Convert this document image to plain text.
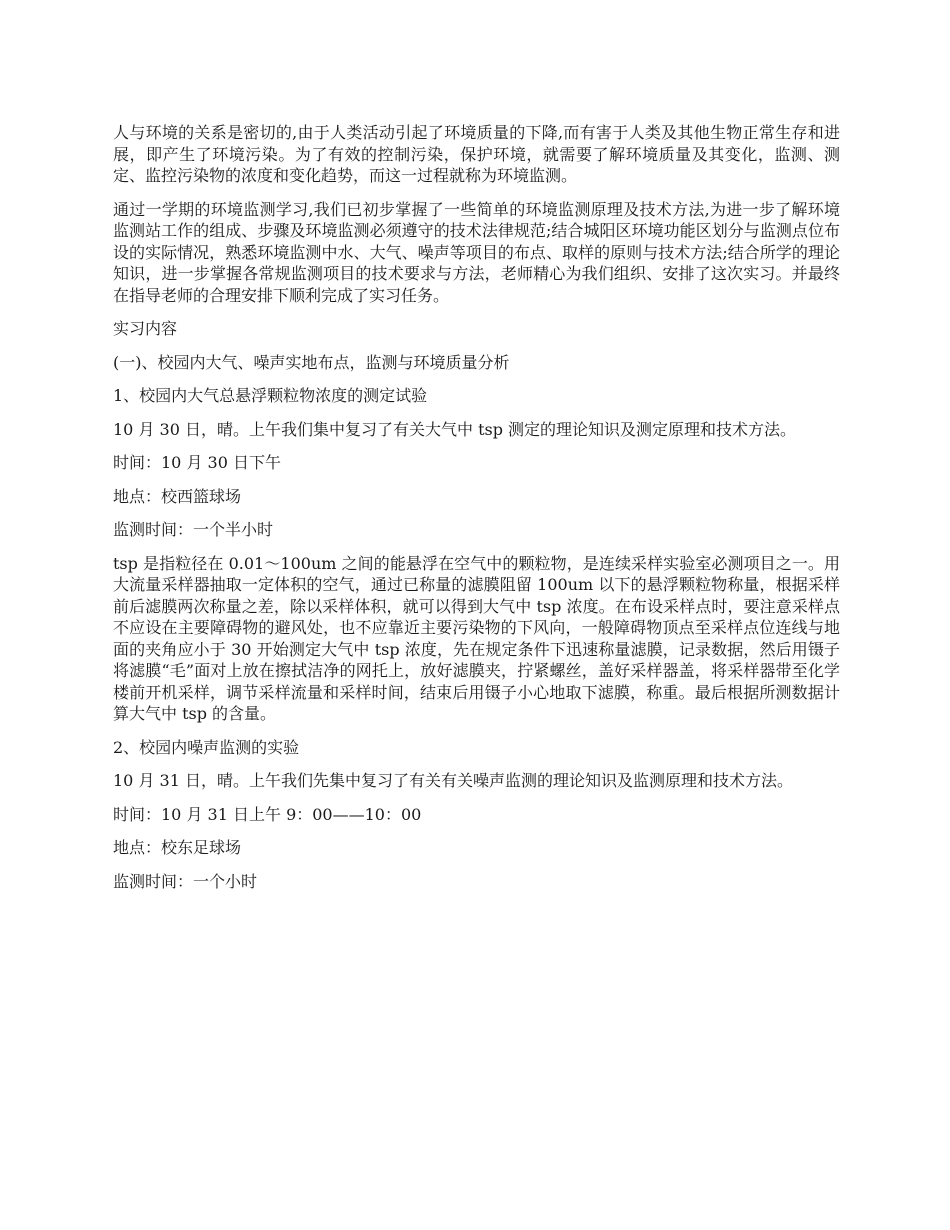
人与环境的关系是密切的,由于人类活动引起了环境质量的下降,而有害于人类及其他生物正常生存和进展，即产生了环境污染。为了有效的控制污染，保护环境，就需要了解环境质量及其变化，监测、测定、监控污染物的浓度和变化趋势，而这一过程就称为环境监测。

通过一学期的环境监测学习,我们已初步掌握了一些简单的环境监测原理及技术方法,为进一步了解环境监测站工作的组成、步骤及环境监测必须遵守的技术法律规范;结合城阳区环境功能区划分与监测点位布设的实际情况，熟悉环境监测中水、大气、噪声等项目的布点、取样的原则与技术方法;结合所学的理论知识，进一步掌握各常规监测项目的技术要求与方法，老师精心为我们组织、安排了这次实习。并最终在指导老师的合理安排下顺利完成了实习任务。

实习内容

(一)、校园内大气、噪声实地布点，监测与环境质量分析

1、校园内大气总悬浮颗粒物浓度的测定试验

10 月 30 日，晴。上午我们集中复习了有关大气中 tsp 测定的理论知识及测定原理和技术方法。

时间：10 月 30 日下午

地点：校西篮球场

监测时间：一个半小时

tsp 是指粒径在 0.01～100um 之间的能悬浮在空气中的颗粒物，是连续采样实验室必测项目之一。用大流量采样器抽取一定体积的空气，通过已称量的滤膜阻留 100um 以下的悬浮颗粒物称量，根据采样前后滤膜两次称量之差，除以采样体积，就可以得到大气中 tsp 浓度。在布设采样点时，要注意采样点不应设在主要障碍物的避风处，也不应靠近主要污染物的下风向，一般障碍物顶点至采样点位连线与地面的夹角应小于 30 开始测定大气中 tsp 浓度，先在规定条件下迅速称量滤膜，记录数据，然后用镊子将滤膜“毛”面对上放在擦拭洁净的网托上，放好滤膜夹，拧紧螺丝，盖好采样器盖，将采样器带至化学楼前开机采样，调节采样流量和采样时间，结束后用镊子小心地取下滤膜，称重。最后根据所测数据计算大气中 tsp 的含量。

2、校园内噪声监测的实验

10 月 31 日，晴。上午我们先集中复习了有关有关噪声监测的理论知识及监测原理和技术方法。

时间：10 月 31 日上午 9：00——10：00

地点：校东足球场

监测时间：一个小时
